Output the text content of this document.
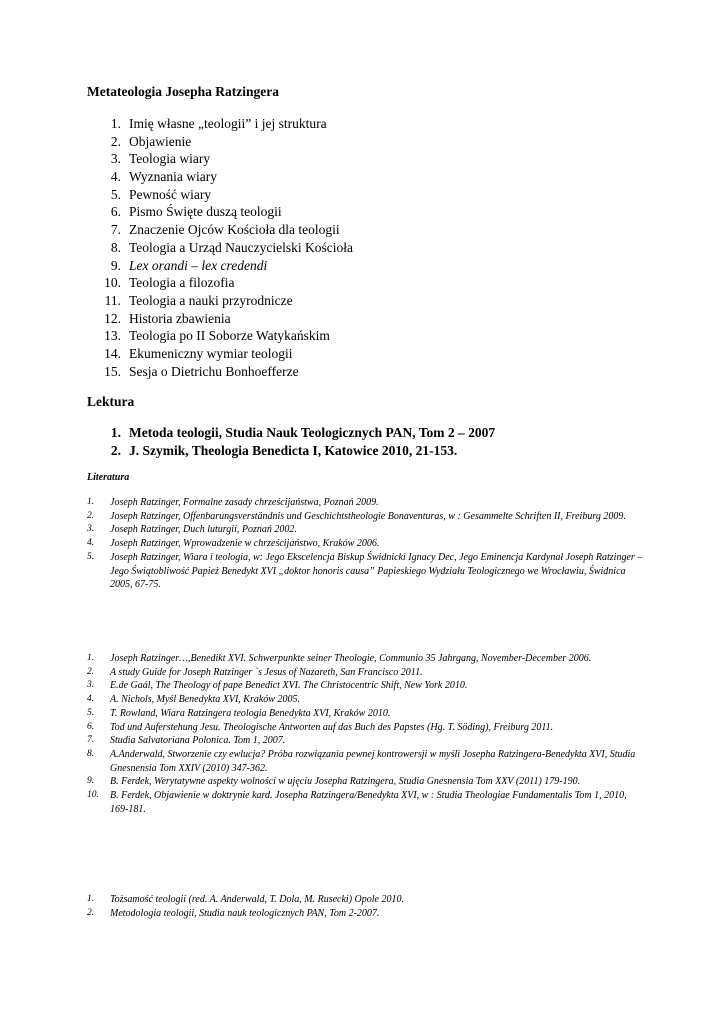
Metateologia Josepha Ratzingera
1. Imię własne „teologii” i jej struktura
2. Objawienie
3. Teologia wiary
4. Wyznania wiary
5. Pewność wiary
6. Pismo Święte duszą teologii
7. Znaczenie Ojców Kościoła dla teologii
8. Teologia a Urząd Nauczycielski Kościoła
9. Lex orandi – lex credendi
10. Teologia a filozofia
11. Teologia a nauki przyrodnicze
12. Historia zbawienia
13. Teologia po II Soborze Watykańskim
14. Ekumeniczny wymiar teologii
15. Sesja o Dietrichu Bonhoefferze
Lektura
1. Metoda teologii, Studia Nauk Teologicznych PAN, Tom 2 – 2007
2. J. Szymik, Theologia Benedicta I, Katowice 2010, 21-153.
Literatura
1.	Joseph Ratzinger, Formalne zasady chrześcijaństwa, Poznań 2009.
2.	Joseph Ratzinger, Offenbarungsverständnis und Geschichtstheologie Bonaventuras, w : Gesammelte Schriften II, Freiburg 2009.
3.	Joseph Ratzinger, Duch luturgii, Poznań 2002.
4.	Joseph Ratzinger, Wprowadzenie w chrześcijaństwo, Kraków 2006.
5.	Joseph Ratzinger, Wiara i teologia, w: Jego Ekscelencja Biskup Świdnicki Ignacy Dec, Jego Eminencja Kardynał Joseph Ratzinger – Jego Świątobliwość Papież Benedykt XVI „doktor honoris causa” Papieskiego Wydziału Teologicznego we Wrocławiu, Świdnica 2005, 67-75.
1.	Joseph Ratzinger…,Benedikt XVI. Schwerpunkte seiner Theologie, Communio 35 Jahrgang, November-December 2006.
2.	A study Guide for Joseph Ratzinger `s Jesus of Nazareth, San Francisco 2011.
3.	E.de Gaál, The Theology of pape Benedict XVI. The Christocentric Shift, New York 2010.
4.	A. Nichols, Myśl Benedykta XVI, Kraków 2005.
5.	T. Rowland, Wiara Ratzingera teologia Benedykta XVI, Kraków 2010.
6.	Tod und Auferstehung Jesu. Theologische Antworten auf das Buch des Papstes (Hg. T. Söding), Freiburg 2011.
7.	Studia Salvatoriana Polonica. Tom 1, 2007.
8.	A.Anderwald, Stworzenie czy ewlucja? Próba rozwiązania pewnej kontrowersji w myśli Josepha Ratzingera-Benedykta XVI, Studia Gnesnensia Tom XXIV (2010) 347-362.
9.	B. Ferdek, Werytatywne aspekty wolności w ujęciu Josepha Ratzingera, Studia Gnesnensia Tom XXV (2011) 179-190.
10.	B. Ferdek, Objawienie w doktrynie kard. Josepha Ratzingera/Benedykta XVI, w : Studia Theologiae Fundamentalis Tom 1, 2010, 169-181.
1.	Tożsamość teologii (red. A. Anderwald, T. Dola, M. Rusecki) Opole 2010.
2.	Metodologia teologii, Studia nauk teologicznych PAN, Tom 2-2007.
